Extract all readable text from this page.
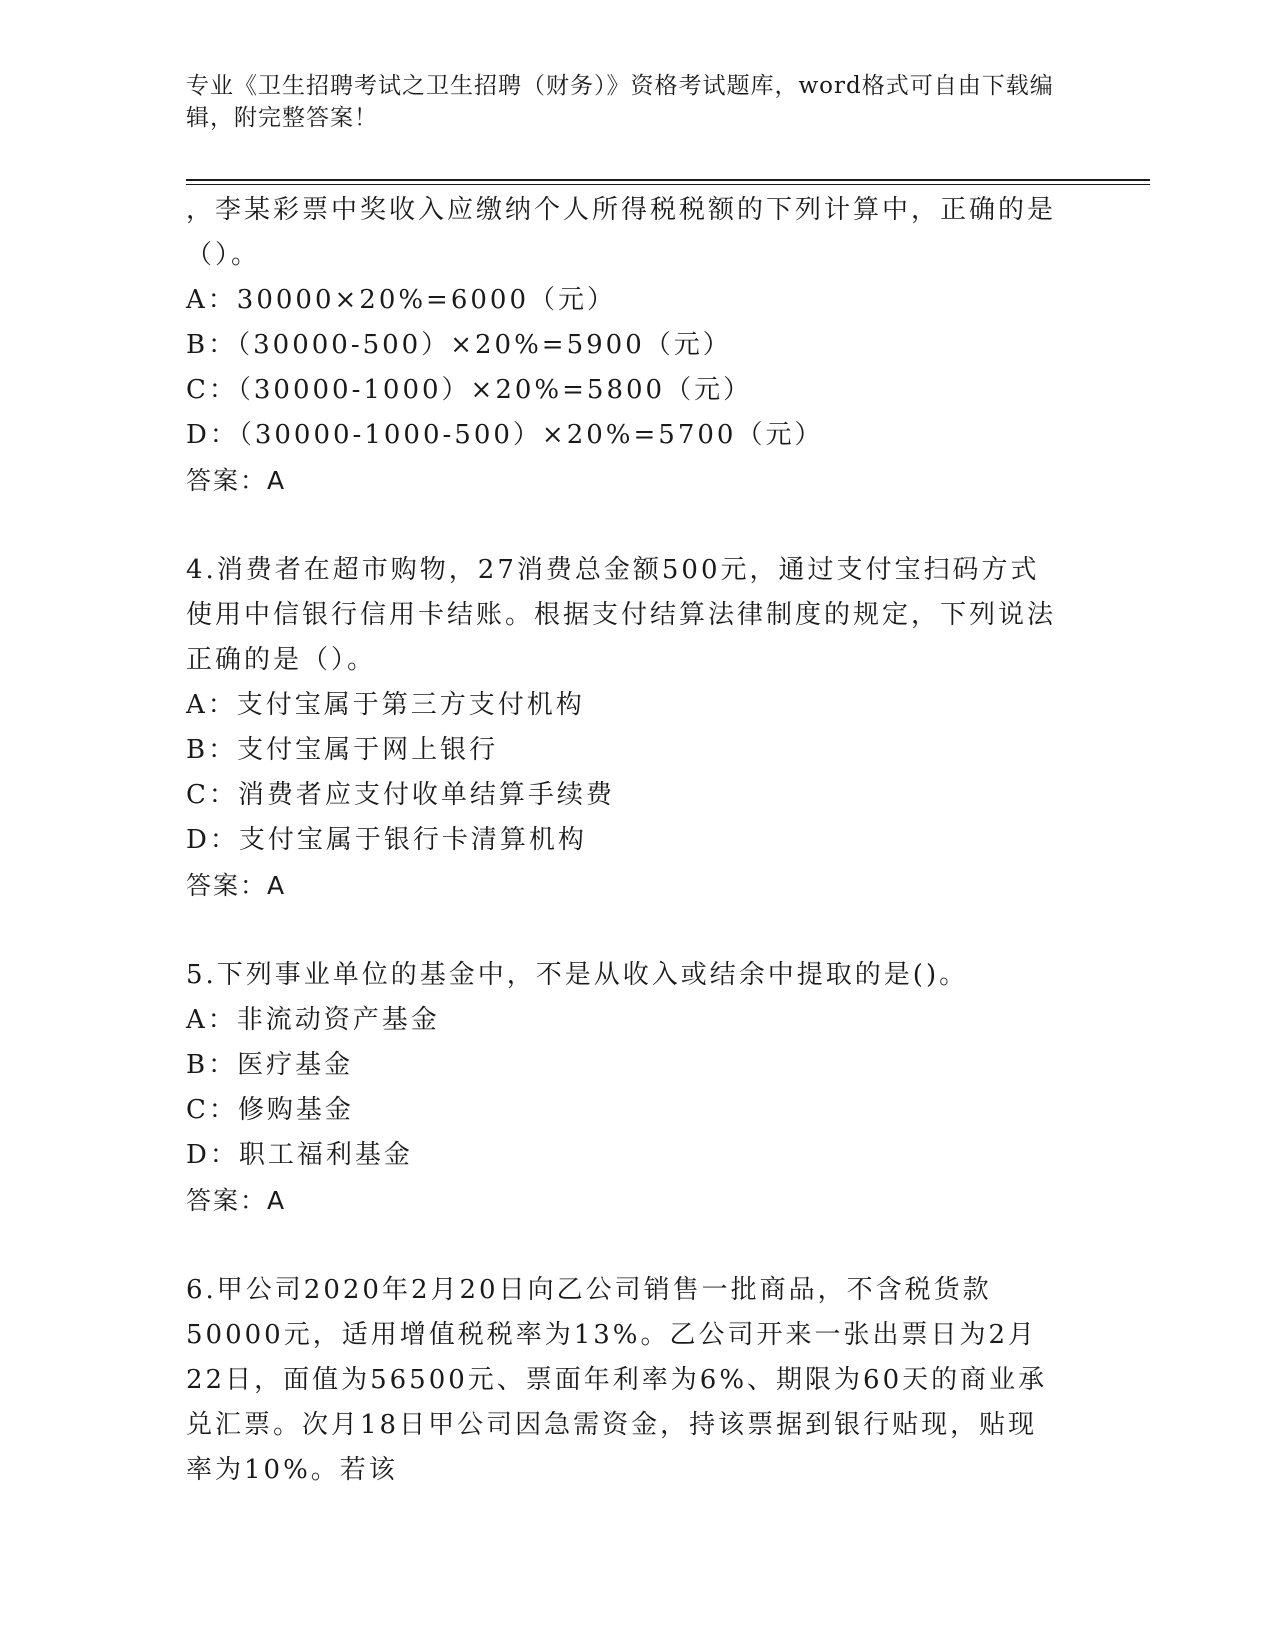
专业《卫生招聘考试之卫生招聘（财务）》资格考试题库，word格式可自由下载编辑，附完整答案！
，李某彩票中奖收入应缴纳个人所得税税额的下列计算中，正确的是（）。
A：30000×20%=6000（元）
B：（30000-500）×20%=5900（元）
C：（30000-1000）×20%=5800（元）
D：（30000-1000-500）×20%=5700（元）
答案：A
4.消费者在超市购物，27消费总金额500元，通过支付宝扫码方式使用中信银行信用卡结账。根据支付结算法律制度的规定，下列说法正确的是（）。
A：支付宝属于第三方支付机构
B：支付宝属于网上银行
C：消费者应支付收单结算手续费
D：支付宝属于银行卡清算机构
答案：A
5.下列事业单位的基金中，不是从收入或结余中提取的是()。
A：非流动资产基金
B：医疗基金
C：修购基金
D：职工福利基金
答案：A
6.甲公司2020年2月20日向乙公司销售一批商品，不含税货款50000元，适用增值税税率为13%。乙公司开来一张出票日为2月22日，面值为56500元、票面年利率为6%、期限为60天的商业承兑汇票。次月18日甲公司因急需资金，持该票据到银行贴现，贴现率为10%。若该
